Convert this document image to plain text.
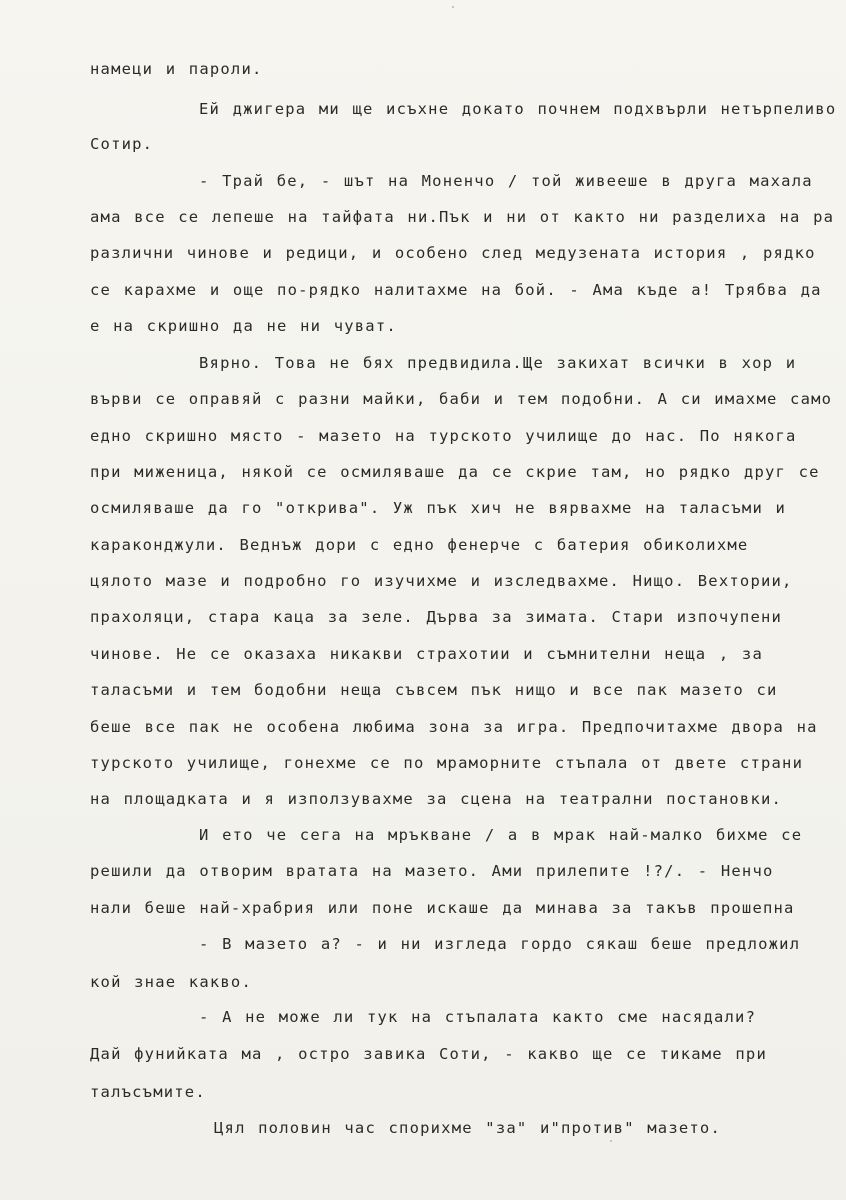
намеци и пароли.
Ей джигера ми ще исъхне докато почнем подхвърли нетърпеливо
Сотир.
- Трай бе, - шът на Моненчо / той живееше в друга махала
ама все се лепеше на тайфата ни.Пък и ни от както ни разделиха на ра
различни чинове и редици, и особено след медузената история , рядко
се карахме и още по-рядко налитахме на бой. - Ама къде а! Трябва да
е на скришно да не ни чуват.
Вярно. Това не бях предвидила.Ще закихат всички в хор и
върви се оправяй с разни майки, баби и тем подобни. А си имахме само
едно скришно място - мазето на турското училище до нас. По някога
при миженица, някой се осмиляваше да се скрие там, но рядко друг се
осмиляваше да го "открива". Уж пък хич не вярвахме на таласъми и
караконджули. Веднъж дори с едно фенерче с батерия обиколихме
цялото мазе и подробно го изучихме и изследвахме. Нищо. Вехтории,
прахоляци, стара каца за зеле. Дърва за зимата. Стари изпочупени
чинове. Не се оказаха никакви страхотии и съмнителни неща , за
таласъми и тем бодобни неща съвсем пък нищо и все пак мазето си
беше все пак не особена любима зона за игра. Предпочитахме двора на
турското училище, гонехме се по мраморните стъпала от двете страни
на площадката и я използувахме за сцена на театрални постановки.
И ето че сега на мръкване / а в мрак най-малко бихме се
решили да отворим вратата на мазето. Ами прилепите !?/. - Ненчо
нали беше най-храбрия или поне искаше да минава за такъв прошепна
- В мазето а? - и ни изгледа гордо сякаш беше предложил
кой знае какво.
- А не може ли тук на стъпалата както сме насядали?
Дай фунийката ма , остро завика Соти, - какво ще се тикаме при
талъсъмите.
Цял половин час спорихме "за" и"против" мазето.
